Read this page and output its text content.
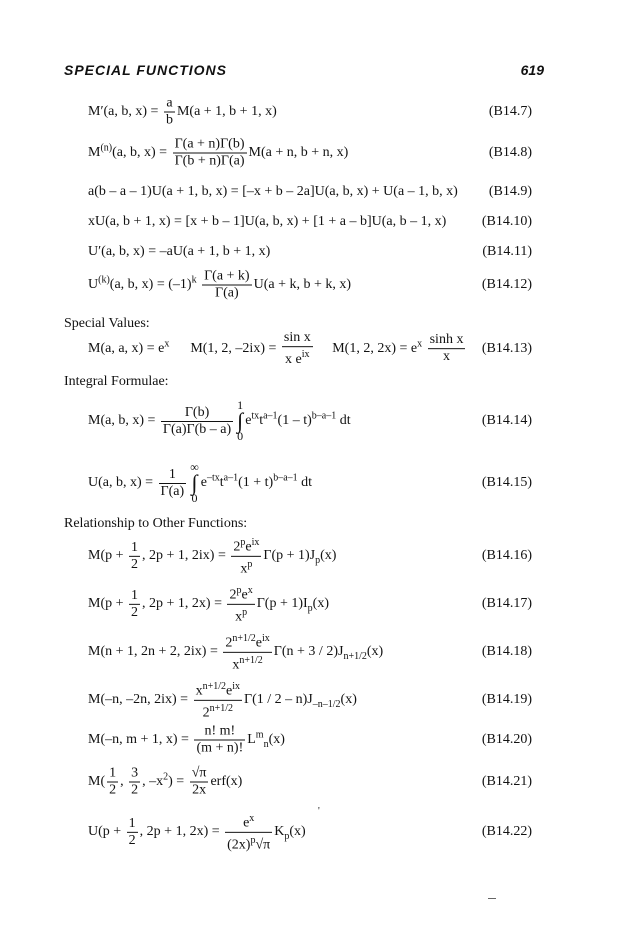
SPECIAL FUNCTIONS	619
M′(a, b, $x) = \frac{a}{b} M(a + 1$, b + 1, x)	(B14.7)
$M^{(n)}(a$, b, $x) = \frac{\Gamma(a + n)\Gamma(b)}{\Gamma(b + n)\Gamma(a)} M(a + n$, b + n, x)	(B14.8)
a(b – a – 1)U(a + 1, b, x) = [–x + b – 2a]U(a, b, x) + U(a – 1, b, x) (B14.9)
xU(a, b + 1, x) = [x + b – 1]U(a, b, x) + [1 + a – b]U(a, b – 1, x)	(B14.10)
U′(a, b, x) = –aU(a + 1, b + 1, x)	(B14.11)
$U^{(k)}(a$, b, $x) = (-1)^k \frac{\Gamma(a + k)}{\Gamma(a)} U(a + k$, b + k, x)	(B14.12)
Special Values:
M(a, a, $x) = e^x$      M(1, 2, $-2ix) = \frac{\text{sin x}}{x e^{ix}} M(1$, 2, $2x) = e^x \frac{\text{sinh x}}{x} (B14.13)$
Integral Formulae:
M(a, b, $x) = \frac{\Gamma(b)}{\Gamma(a)\Gamma(b - a)} 1$
∫
$0e^{tx}t^{a-1}(1 - t)^{b-a-1}$ dt	(B14.14)
U(a, b, $x) = \frac{1}{\Gamma(a)}$ ∞
∫
$0e^{-tx}t^{a-1}(1 + t)^{b-a-1}$ dt	(B14.15)
Relationship to Other Functions:
$M(p + \frac{1}{2}$ , 2p + 1, $2ix) = \frac{2^pe^{ix}}{x^p} \Gamma(p + 1)J_p(x)$	(B14.16)
$M(p + \frac{1}{2}$ , 2p + 1, $2x) = \frac{2^pe^x}{x^p} \Gamma(p + 1)I_p(x)$	(B14.17)
M(n + 1, 2n + 2, $2ix) = \frac{2^{n+1/2}e^{ix}}{x^{n+1/2}} \Gamma(n + 3 / 2)J_{n+1/2}(x)$	(B14.18)
M(–n, –2n, $2ix) = \frac{x^{n+1/2}e^{ix}}{2^{n+1/2}} \Gamma(1 / 2 - n)J_{-n-1/2}(x)$	(B14.19)
M(–n, m + 1, $x) = \frac{n! m!}{(m + n)!} L^m_n(x)$	(B14.20)
$M( \frac{1}{2}$ , $\frac{3}{2}$ , $-x^2) = \frac{√\pi}{2x} erf(x)$	(B14.21)
$U(p + \frac{1}{2}$ , 2p + 1, $2x) = \frac{e^x}{(2x)^p√\pi} K_p(x)$	(B14.22)
'
